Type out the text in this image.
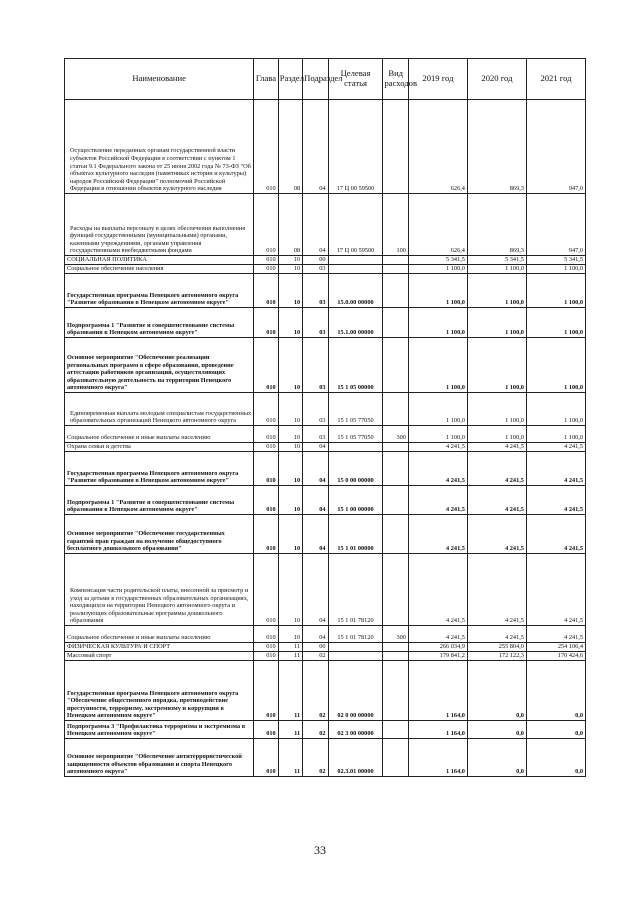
Наименование	Глава	Раздел	Подраздел	Целевая статья	Вид расходов	2019 год	2020 год	2021 год
Осуществление переданных органам государственной власти субъектов Российской Федерации в соответствии с пунктом 1 статьи 9.1 Федерального закона от 25 июня 2002 года № 73-ФЗ "Об объектах культурного наследия (памятниках истории и культуры) народов Российской Федерации" полномочий Российской Федерации в отношении объектов культурного наследия	010	08	04	17 Ц 00 59500		626,4	869,3	947,0
Расходы на выплаты персоналу в целях обеспечения выполнения функций государственными (муниципальными) органами, казенными учреждениями, органами управления государственными внебюджетными фондами	010	08	04	17 Ц 00 59500	100	626,4	869,3	947,0
СОЦИАЛЬНАЯ ПОЛИТИКА	010	10	00			5 341,5	5 341,5	5 341,5
Социальное обеспечение населения	010	10	03			1 100,0	1 100,0	1 100,0
Государственная программа Ненецкого автономного округа "Развитие образования в Ненецком автономном округе"	010	10	03	15.0.00 00000		1 100,0	1 100,0	1 100,0
Подпрограмма 1 "Развитие и совершенствование системы образования в Ненецком автономном округе"	010	10	03	15.1.00 00000		1 100,0	1 100,0	1 100,0
Основное мероприятие "Обеспечение реализации региональных программ в сфере образования, проведение аттестации работников организаций, осуществляющих образовательную деятельность на территории Ненецкого автономного округа"	010	10	03	15 1 05 00000		1 100,0	1 100,0	1 100,0
Единовременная выплата молодым специалистам государственных образовательных организаций Ненецкого автономного округа	010	10	03	15 1 05 77050		1 100,0	1 100,0	1 100,0
Социальное обеспечение и иные выплаты населению	010	10	03	15 1 05 77050	300	1 100,0	1 100,0	1 100,0
Охрана семьи и детства	010	10	04			4 241,5	4 241,5	4 241,5
Государственная программа Ненецкого автономного округа "Развитие образования в Ненецком автономном округе"	010	10	04	15 0 00 00000		4 241,5	4 241,5	4 241,5
Подпрограмма 1 "Развитие и совершенствование системы образования в Ненецком автономном округе"	010	10	04	15 1 00 00000		4 241,5	4 241,5	4 241,5
Основное мероприятие "Обеспечение государственных гарантий прав граждан на получение общедоступного бесплатного дошкольного образования"	010	10	04	15 1 01 00000		4 241,5	4 241,5	4 241,5
Компенсация части родительской платы, внесенной за присмотр и уход за детьми в государственных образовательных организациях, находящихся на территории Ненецкого автономного округа и реализующих образовательные программы дошкольного образования	010	10	04	15 1 01 78120		4 241,5	4 241,5	4 241,5
Социальное обеспечение и иные выплаты населению	010	10	04	15 1 01 78120	300	4 241,5	4 241,5	4 241,5
ФИЗИЧЕСКАЯ КУЛЬТУРА И СПОРТ	010	11	00			266 034,9	255 804,0	254 106,4
Массовый спорт	010	11	02			179 841,2	172 122,3	170 424,6
Государственная программа Ненецкого автономного округа "Обеспечение общественного порядка, противодействие преступности, терроризму, экстремизму и коррупции в Ненецком автономном округе"	010	11	02	02 0 00 00000		1 164,0	0,0	0,0
Подпрограмма 3 "Профилактика терроризма и экстремизма в Ненецком автономном округе"	010	11	02	02 3 00 00000		1 164,0	0,0	0,0
Основное мероприятие "Обеспечение антитеррористической защищенности объектов образования и спорта Ненецкого автономного округа"	010	11	02	02.3.01 00000		1 164,0	0,0	0,0
33
